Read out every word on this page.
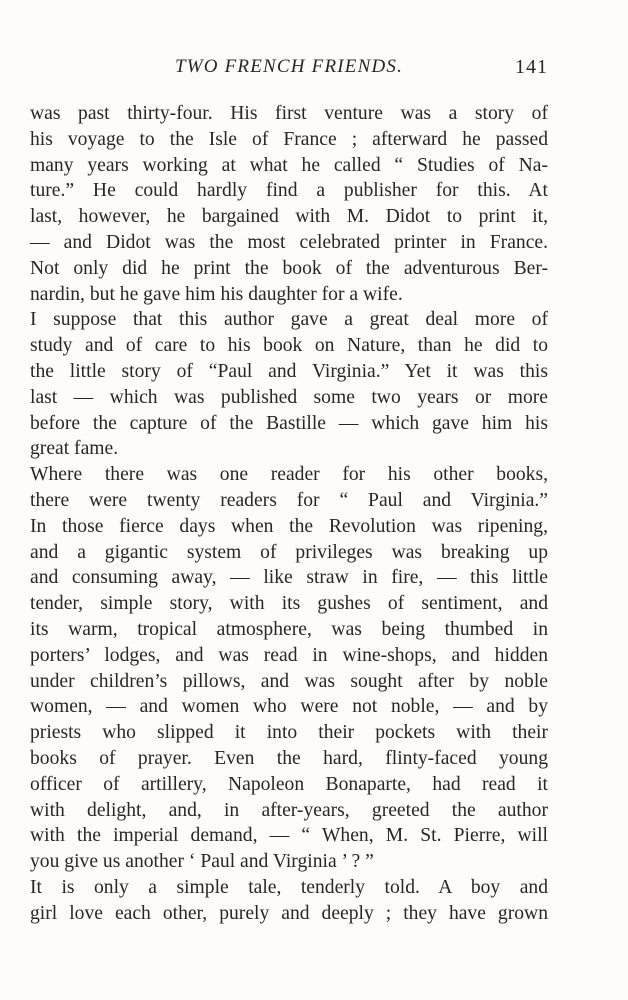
TWO FRENCH FRIENDS.	141
was past thirty-four. His first venture was a story of
his voyage to the Isle of France ; afterward he passed
many years working at what he called “ Studies of Na-
ture.” He could hardly find a publisher for this. At
last, however, he bargained with M. Didot to print it,
— and Didot was the most celebrated printer in France.
Not only did he print the book of the adventurous Ber-
nardin, but he gave him his daughter for a wife.
I suppose that this author gave a great deal more of
study and of care to his book on Nature, than he did to
the little story of “Paul and Virginia.” Yet it was this
last — which was published some two years or more
before the capture of the Bastille — which gave him his
great fame.
Where there was one reader for his other books,
there were twenty readers for “ Paul and Virginia.”
In those fierce days when the Revolution was ripening,
and a gigantic system of privileges was breaking up
and consuming away, — like straw in fire, — this little
tender, simple story, with its gushes of sentiment, and
its warm, tropical atmosphere, was being thumbed in
porters’ lodges, and was read in wine-shops, and hidden
under children’s pillows, and was sought after by noble
women, — and women who were not noble, — and by
priests who slipped it into their pockets with their
books of prayer. Even the hard, flinty-faced young
officer of artillery, Napoleon Bonaparte, had read it
with delight, and, in after-years, greeted the author
with the imperial demand, — “ When, M. St. Pierre, will
you give us another ‘ Paul and Virginia ’ ? ”
It is only a simple tale, tenderly told. A boy and
girl love each other, purely and deeply ; they have grown
